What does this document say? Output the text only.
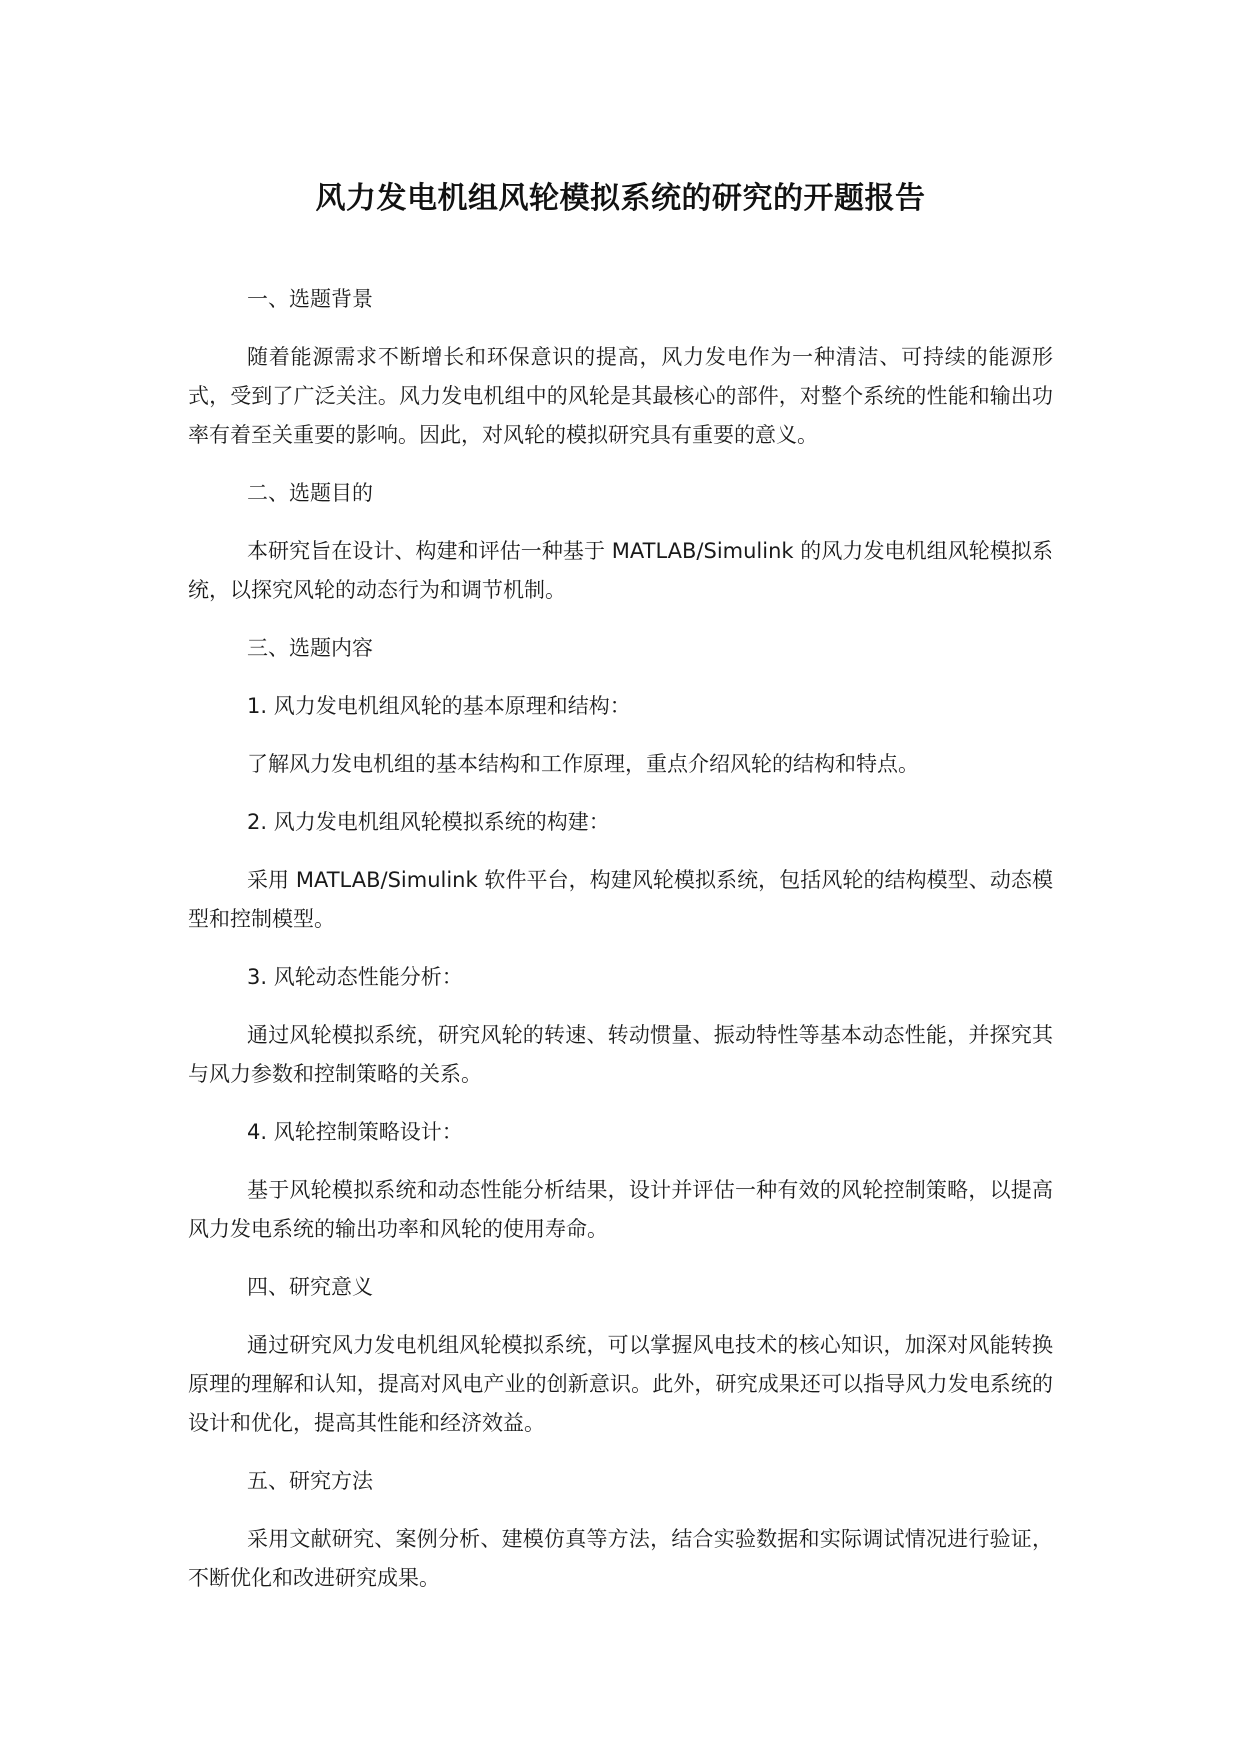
风力发电机组风轮模拟系统的研究的开题报告

一、选题背景

随着能源需求不断增长和环保意识的提高，风力发电作为一种清洁、可持续的能源形式，受到了广泛关注。风力发电机组中的风轮是其最核心的部件，对整个系统的性能和输出功率有着至关重要的影响。因此，对风轮的模拟研究具有重要的意义。

二、选题目的

本研究旨在设计、构建和评估一种基于 MATLAB/Simulink 的风力发电机组风轮模拟系统，以探究风轮的动态行为和调节机制。

三、选题内容

1. 风力发电机组风轮的基本原理和结构：

了解风力发电机组的基本结构和工作原理，重点介绍风轮的结构和特点。

2. 风力发电机组风轮模拟系统的构建：

采用 MATLAB/Simulink 软件平台，构建风轮模拟系统，包括风轮的结构模型、动态模型和控制模型。

3. 风轮动态性能分析：

通过风轮模拟系统，研究风轮的转速、转动惯量、振动特性等基本动态性能，并探究其与风力参数和控制策略的关系。

4. 风轮控制策略设计：

基于风轮模拟系统和动态性能分析结果，设计并评估一种有效的风轮控制策略，以提高风力发电系统的输出功率和风轮的使用寿命。

四、研究意义

通过研究风力发电机组风轮模拟系统，可以掌握风电技术的核心知识，加深对风能转换原理的理解和认知，提高对风电产业的创新意识。此外，研究成果还可以指导风力发电系统的设计和优化，提高其性能和经济效益。

五、研究方法

采用文献研究、案例分析、建模仿真等方法，结合实验数据和实际调试情况进行验证，不断优化和改进研究成果。
